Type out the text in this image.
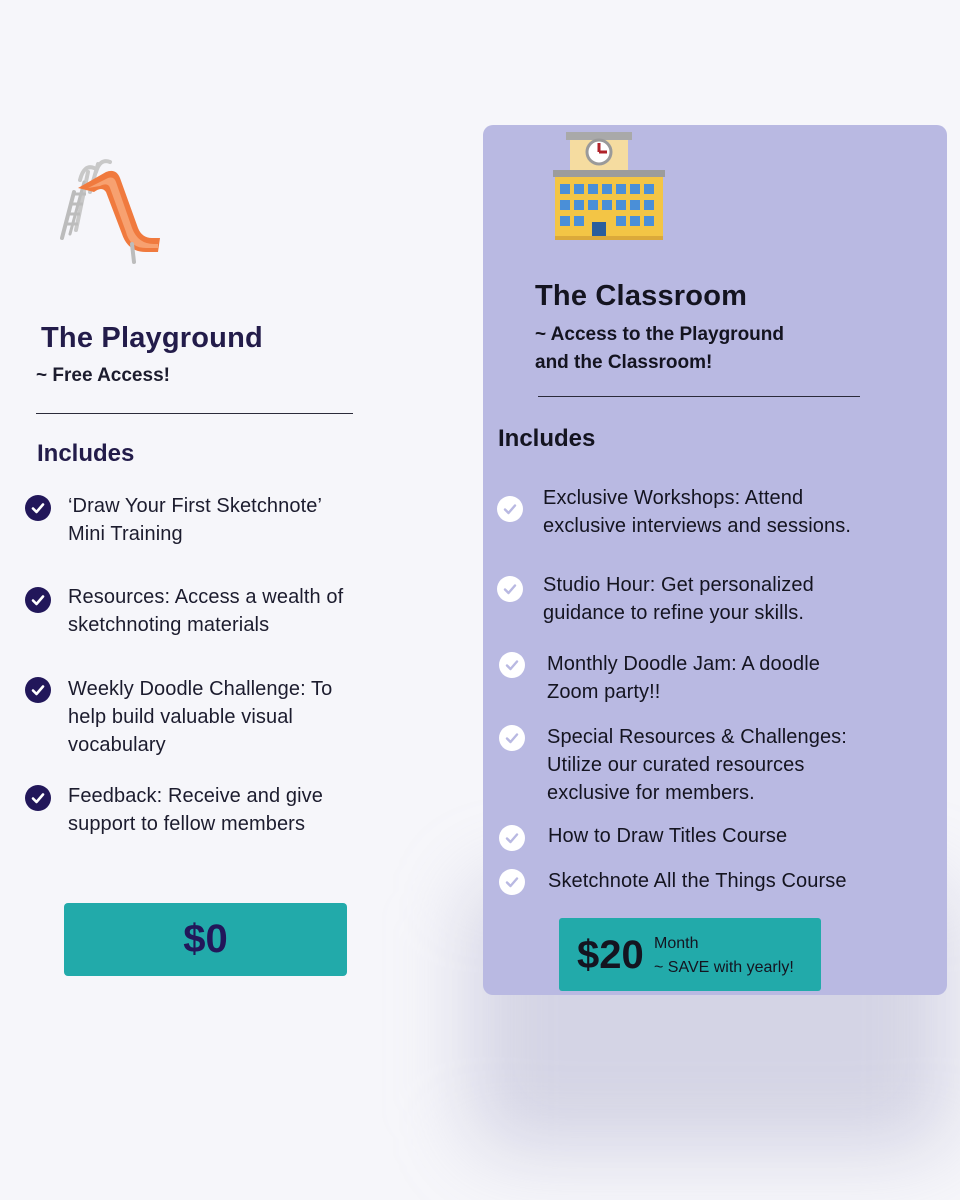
The Playground
~ Free Access!
Includes
‘Draw Your First Sketchnote’
Mini Training
Resources: Access a wealth of
sketchnoting materials
Weekly Doodle Challenge: To
help build valuable visual
vocabulary
Feedback: Receive and give
support to fellow members
$0
The Classroom
~ Access to the Playground
and the Classroom!
Includes
Exclusive Workshops: Attend
exclusive interviews and sessions.
Studio Hour: Get personalized
guidance to refine your skills.
Monthly Doodle Jam: A doodle
Zoom party!!
Special Resources & Challenges:
Utilize our curated resources
exclusive for members.
How to Draw Titles Course
Sketchnote All the Things Course
$20 Month
~ SAVE with yearly!
